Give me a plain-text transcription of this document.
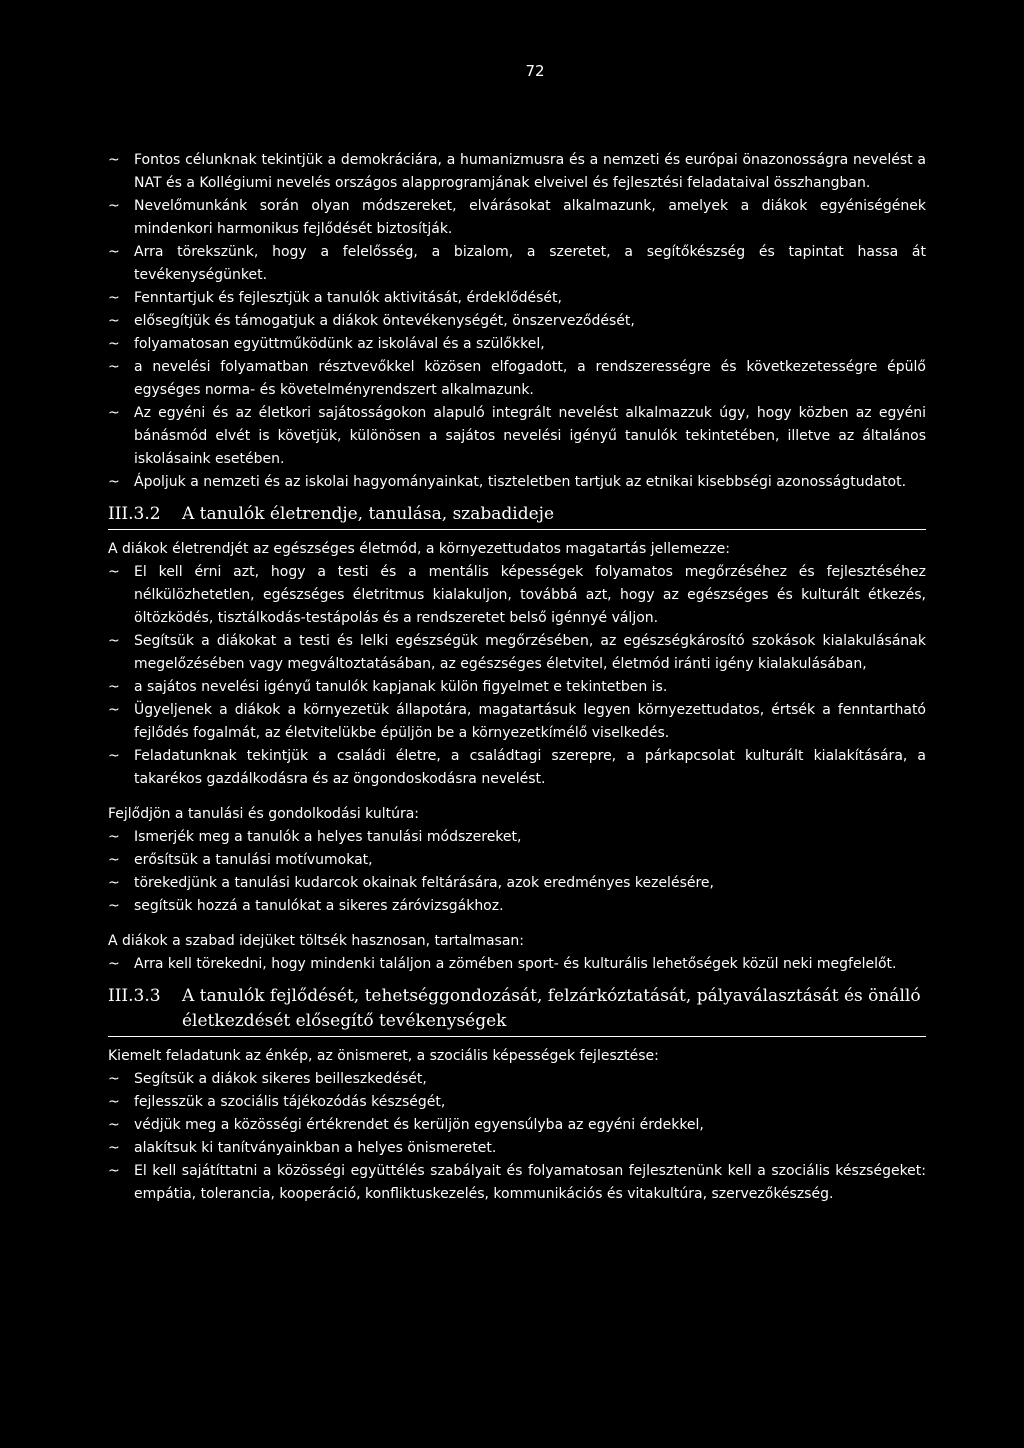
72
~ Fontos célunknak tekintjük a demokráciára, a humanizmusra és a nemzeti és európai önazonosságra nevelést a NAT és a Kollégiumi nevelés országos alapprogramjának elveivel és fejlesztési feladataival összhangban.
~ Nevelőmunkánk során olyan módszereket, elvárásokat alkalmazunk, amelyek a diákok egyéniségének mindenkori harmonikus fejlődését biztosítják.
~ Arra törekszünk, hogy a felelősség, a bizalom, a szeretet, a segítőkészség és tapintat hassa át tevékenységünket.
~ Fenntartjuk és fejlesztjük a tanulók aktivitását, érdeklődését,
~ elősegítjük és támogatjuk a diákok öntevékenységét, önszerveződését,
~ folyamatosan együttműködünk az iskolával és a szülőkkel,
~ a nevelési folyamatban résztvevőkkel közösen elfogadott, a rendszerességre és következetességre épülő egységes norma- és követelményrendszert alkalmazunk.
~ Az egyéni és az életkori sajátosságokon alapuló integrált nevelést alkalmazzuk úgy, hogy közben az egyéni bánásmód elvét is követjük, különösen a sajátos nevelési igényű tanulók tekintetében, illetve az általános iskolásaink esetében.
~ Ápoljuk a nemzeti és az iskolai hagyományainkat, tiszteletben tartjuk az etnikai kisebbségi azonosságtudatot.
III.3.2	A tanulók életrendje, tanulása, szabadideje

A diákok életrendjét az egészséges életmód, a környezettudatos magatartás jellemezze:

~ El kell érni azt, hogy a testi és a mentális képességek folyamatos megőrzéséhez és fejlesztéséhez nélkülözhetetlen, egészséges életritmus kialakuljon, továbbá azt, hogy az egészséges és kulturált étkezés, öltözködés, tisztálkodás-testápolás és a rendszeretet belső igénnyé váljon.
~ Segítsük a diákokat a testi és lelki egészségük megőrzésében, az egészségkárosító szokások kialakulásának megelőzésében vagy megváltoztatásában, az egészséges életvitel, életmód iránti igény kialakulásában,
~ a sajátos nevelési igényű tanulók kapjanak külön figyelmet e tekintetben is.
~ Ügyeljenek a diákok a környezetük állapotára, magatartásuk legyen környezettudatos, értsék a fenntartható fejlődés fogalmát, az életvitelükbe épüljön be a környezetkímélő viselkedés.
~ Feladatunknak tekintjük a családi életre, a családtagi szerepre, a párkapcsolat kulturált kialakítására, a takarékos gazdálkodásra és az öngondoskodásra nevelést.

Fejlődjön a tanulási és gondolkodási kultúra:

~ Ismerjék meg a tanulók a helyes tanulási módszereket,
~ erősítsük a tanulási motívumokat,
~ törekedjünk a tanulási kudarcok okainak feltárására, azok eredményes kezelésére,
~ segítsük hozzá a tanulókat a sikeres záróvizsgákhoz.

A diákok a szabad idejüket töltsék hasznosan, tartalmasan:

~ Arra kell törekedni, hogy mindenki találjon a zömében sport- és kulturális lehetőségek közül neki megfelelőt.
III.3.3	A tanulók fejlődését, tehetséggondozását, felzárkóztatását, pályaválasztását és önálló életkezdését elősegítő tevékenységek

Kiemelt feladatunk az énkép, az önismeret, a szociális képességek fejlesztése:

~ Segítsük a diákok sikeres beilleszkedését,
~ fejlesszük a szociális tájékozódás készségét,
~ védjük meg a közösségi értékrendet és kerüljön egyensúlyba az egyéni érdekkel,
~ alakítsuk ki tanítványainkban a helyes önismeretet.
~ El kell sajátíttatni a közösségi együttélés szabályait és folyamatosan fejlesztenünk kell a szociális készségeket: empátia, tolerancia, kooperáció, konfliktuskezelés, kommunikációs és vitakultúra, szervezőkészség.
